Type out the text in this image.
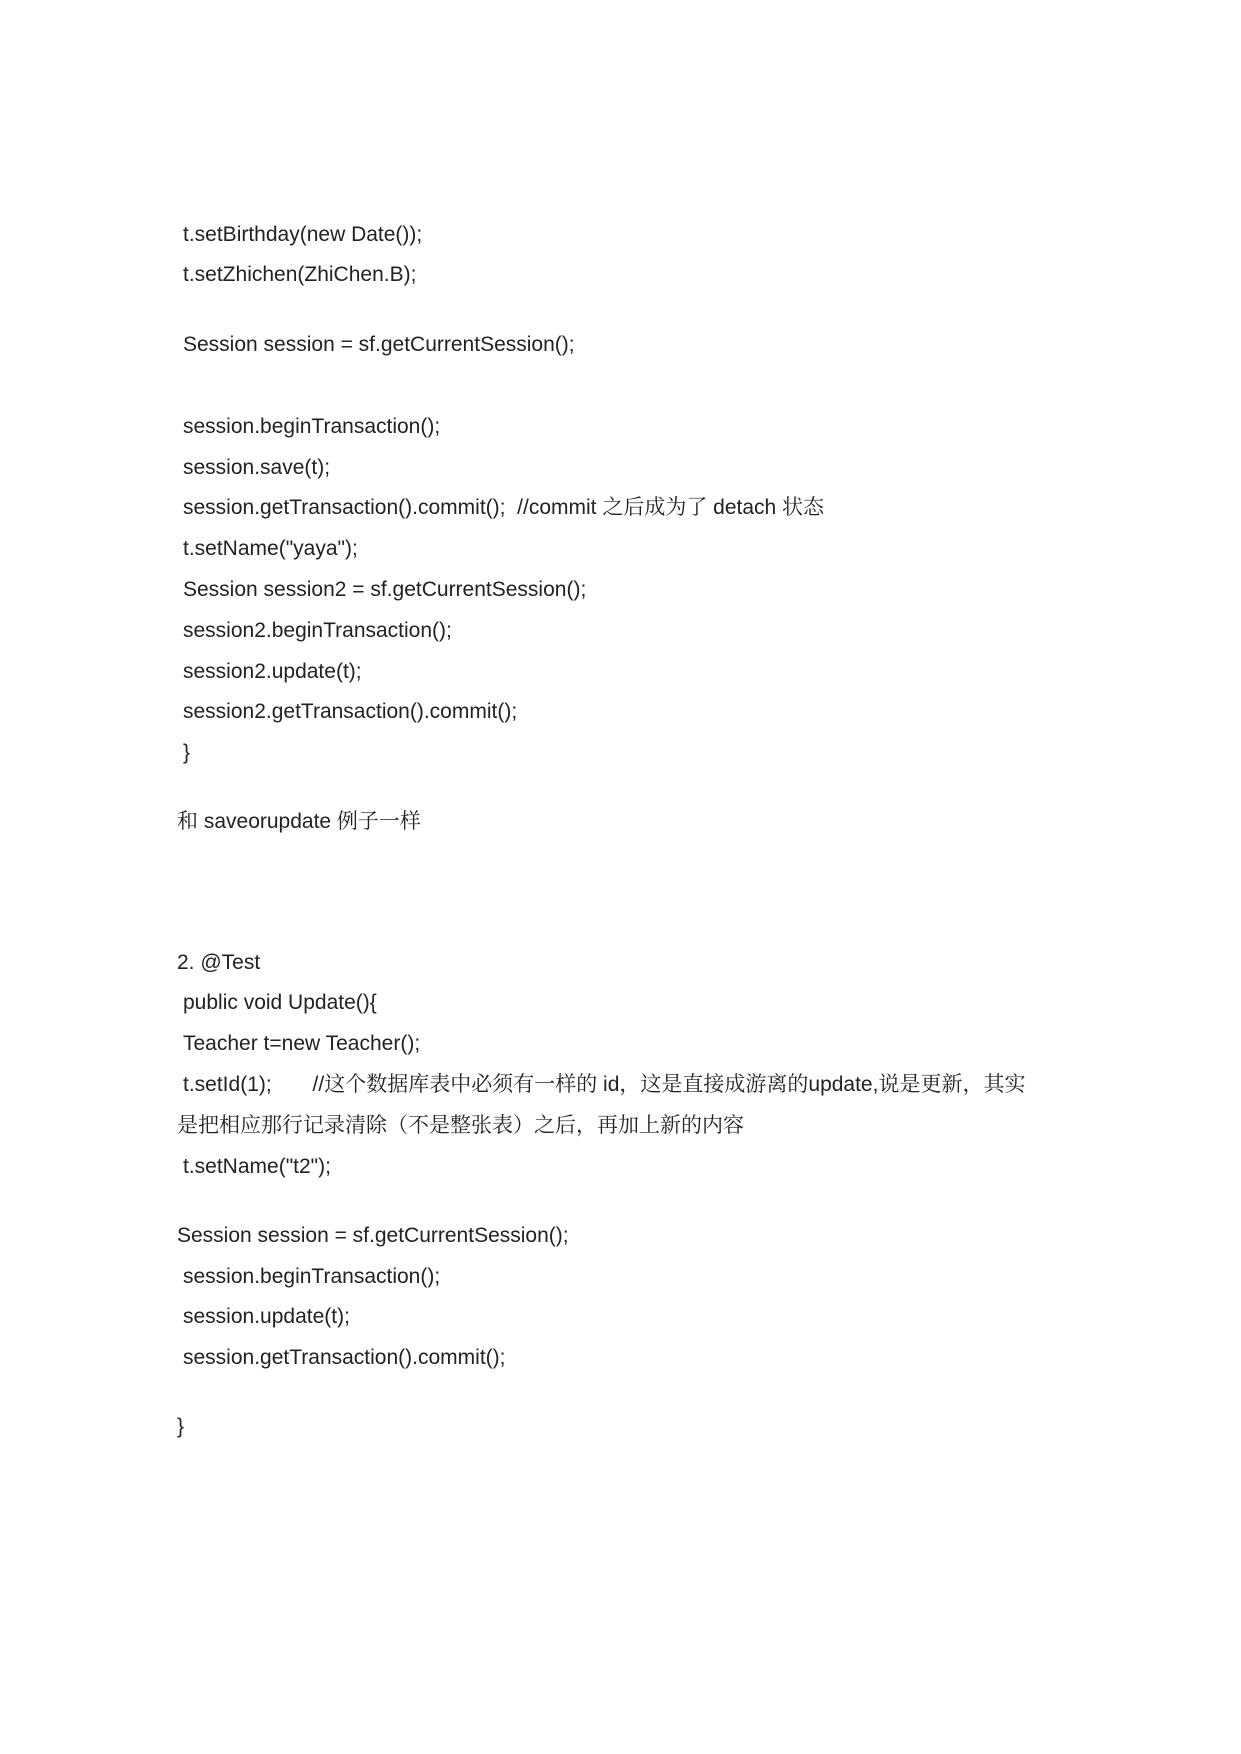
t.setBirthday(new Date());
t.setZhichen(ZhiChen.B);
Session session = sf.getCurrentSession();
session.beginTransaction();
session.save(t);
session.getTransaction().commit();  //commit 之后成为了 detach 状态
t.setName("yaya");
Session session2 = sf.getCurrentSession();
session2.beginTransaction();
session2.update(t);
session2.getTransaction().commit();
}
和 saveorupdate 例子一样
2. @Test
public void Update(){
Teacher t=new Teacher();
t.setId(1);       //这个数据库表中必须有一样的 id，这是直接成游离的update,说是更新，其实
是把相应那行记录清除（不是整张表）之后，再加上新的内容
t.setName("t2");
Session session = sf.getCurrentSession();
session.beginTransaction();
session.update(t);
session.getTransaction().commit();
}
